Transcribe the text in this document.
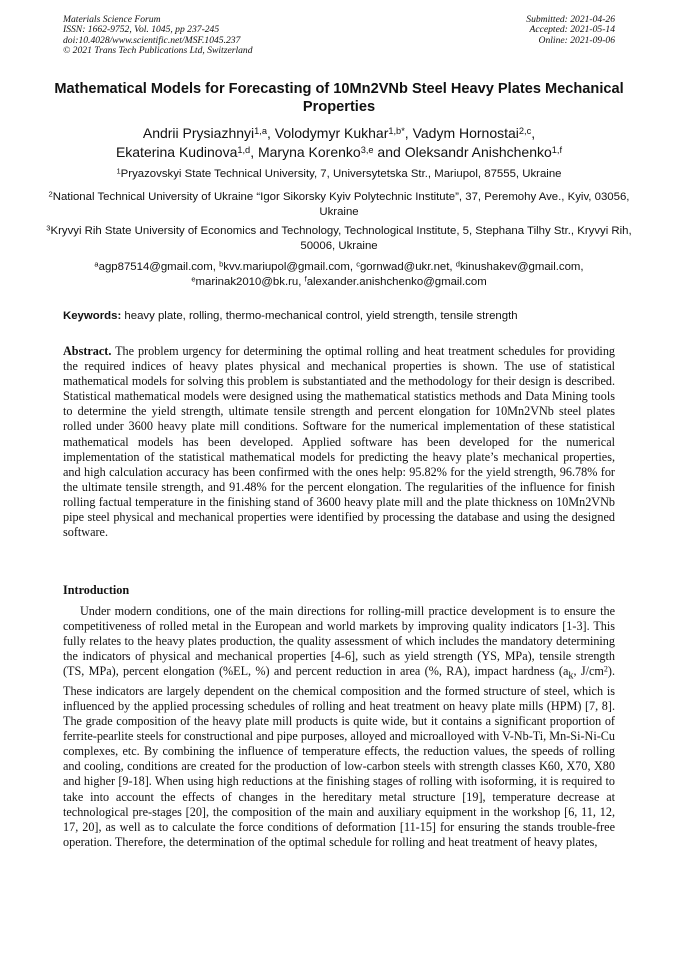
Materials Science Forum
ISSN: 1662-9752, Vol. 1045, pp 237-245
doi:10.4028/www.scientific.net/MSF.1045.237
© 2021 Trans Tech Publications Ltd, Switzerland
Submitted: 2021-04-26
Accepted: 2021-05-14
Online: 2021-09-06
Mathematical Models for Forecasting of 10Mn2VNb Steel Heavy Plates Mechanical Properties
Andrii Prysiazhnyi$^{1,a}$, Volodymyr Kukhar$^{1,b*}$, Vadym Hornostai$^{2,c}$,
Ekaterina Kudinova$^{1,d}$, Maryna Korenko$^{3,e}$ and Oleksandr Anishchenko$^{1,f}$
$^1$Pryazovskyi State Technical University, 7, Universytetska Str., Mariupol, 87555, Ukraine
$^2$National Technical University of Ukraine “Igor Sikorsky Kyiv Polytechnic Institute”, 37, Peremohy Ave., Kyiv, 03056, Ukraine
$^3$Kryvyi Rih State University of Economics and Technology, Technological Institute, 5, Stephana Tilhy Str., Kryvyi Rih, 50006, Ukraine
$^a$agp87514@gmail.com, $^b$kvv.mariupol@gmail.com, $^c$gornwad@ukr.net, $^d$kinushakev@gmail.com,
$^e$marinak2010@bk.ru, $^f$alexander.anishchenko@gmail.com
Keywords: heavy plate, rolling, thermo-mechanical control, yield strength, tensile strength
Abstract. The problem urgency for determining the optimal rolling and heat treatment schedules for providing the required indices of heavy plates physical and mechanical properties is shown. The use of statistical mathematical models for solving this problem is substantiated and the methodology for their design is described. Statistical mathematical models were designed using the mathematical statistics methods and Data Mining tools to determine the yield strength, ultimate tensile strength and percent elongation for 10Mn2VNb steel plates rolled under 3600 heavy plate mill conditions. Software for the numerical implementation of these statistical mathematical models has been developed. Applied software has been developed for the numerical implementation of the statistical mathematical models for predicting the heavy plate’s mechanical properties, and high calculation accuracy has been confirmed with the ones help: 95.82% for the yield strength, 96.78% for the ultimate tensile strength, and 91.48% for the percent elongation. The regularities of the influence for finish rolling factual temperature in the finishing stand of 3600 heavy plate mill and the plate thickness on 10Mn2VNb pipe steel physical and mechanical properties were identified by processing the database and using the designed software.
Introduction
Under modern conditions, one of the main directions for rolling-mill practice development is to ensure the competitiveness of rolled metal in the European and world markets by improving quality indicators [1-3]. This fully relates to the heavy plates production, the quality assessment of which includes the mandatory determining the indicators of physical and mechanical properties [4-6], such as yield strength (YS, MPa), tensile strength (TS, MPa), percent elongation (%EL, %) and percent reduction in area (%, RA), impact hardness ($a_k$, $J/cm^2$). These indicators are largely dependent on the chemical composition and the formed structure of steel, which is influenced by the applied processing schedules of rolling and heat treatment on heavy plate mills (HPM) [7, 8]. The grade composition of the heavy plate mill products is quite wide, but it contains a significant proportion of ferrite-pearlite steels for constructional and pipe purposes, alloyed and microalloyed with V-Nb-Ti, Mn-Si-Ni-Cu complexes, etc. By combining the influence of temperature effects, the reduction values, the speeds of rolling and cooling, conditions are created for the production of low-carbon steels with strength classes K60, X70, X80 and higher [9-18]. When using high reductions at the finishing stages of rolling with isoforming, it is required to take into account the effects of changes in the hereditary metal structure [19], temperature decrease at technological pre-stages [20], the composition of the main and auxiliary equipment in the workshop [6, 11, 12, 17, 20], as well as to calculate the force conditions of deformation [11-15] for ensuring the stands trouble-free operation. Therefore, the determination of the optimal schedule for rolling and heat treatment of heavy plates,
